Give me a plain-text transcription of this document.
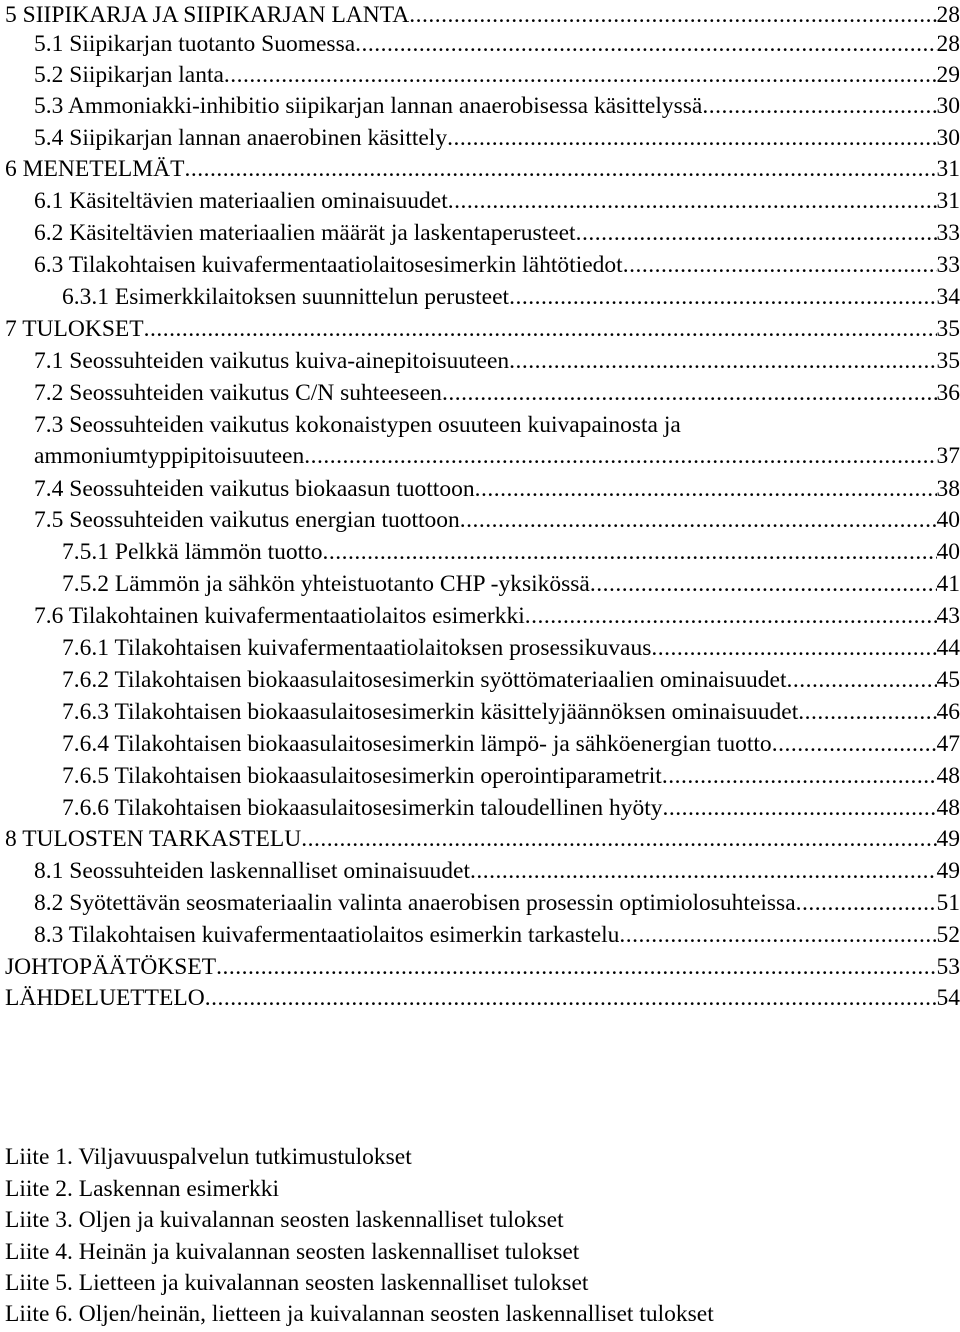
5 SIIPIKARJA JA SIIPIKARJAN LANTA .....	28
5.1 Siipikarjan tuotanto Suomessa .....	28
5.2 Siipikarjan lanta .....	29
5.3 Ammoniakki-inhibitio siipikarjan lannan anaerobisessa käsittelyssä .....	30
5.4 Siipikarjan lannan anaerobinen käsittely .....	30
6 MENETELMÄT .....	31
6.1 Käsiteltävien materiaalien ominaisuudet .....	31
6.2 Käsiteltävien materiaalien määrät ja laskentaperusteet .....	33
6.3 Tilakohtaisen kuivafermentaatiolaitosesimerkin lähtötiedot .....	33
6.3.1 Esimerkkilaitoksen suunnittelun perusteet .....	34
7 TULOKSET .....	35
7.1 Seossuhteiden vaikutus kuiva-ainepitoisuuteen .....	35
7.2 Seossuhteiden vaikutus C/N suhteeseen .....	36
7.3 Seossuhteiden vaikutus kokonaistypen osuuteen kuivapainosta ja
ammoniumtyppipitoisuuteen .....	37
7.4 Seossuhteiden vaikutus biokaasun tuottoon .....	38
7.5 Seossuhteiden vaikutus energian tuottoon .....	40
7.5.1 Pelkkä lämmön tuotto .....	40
7.5.2 Lämmön ja sähkön yhteistuotanto CHP -yksikössä .....	41
7.6 Tilakohtainen kuivafermentaatiolaitos esimerkki .....	43
7.6.1 Tilakohtaisen kuivafermentaatiolaitoksen prosessikuvaus .....	44
7.6.2 Tilakohtaisen biokaasulaitosesimerkin syöttömateriaalien ominaisuudet .....	45
7.6.3 Tilakohtaisen biokaasulaitosesimerkin käsittelyjäännöksen ominaisuudet .....	46
7.6.4 Tilakohtaisen biokaasulaitosesimerkin lämpö- ja sähköenergian tuotto .....	47
7.6.5 Tilakohtaisen biokaasulaitosesimerkin operointiparametrit .....	48
7.6.6 Tilakohtaisen biokaasulaitosesimerkin taloudellinen hyöty .....	48
8 TULOSTEN TARKASTELU .....	49
8.1 Seossuhteiden laskennalliset ominaisuudet .....	49
8.2 Syötettävän seosmateriaalin valinta anaerobisen prosessin optimiolosuhteissa .....	51
8.3 Tilakohtaisen kuivafermentaatiolaitos esimerkin tarkastelu .....	52
JOHTOPÄÄTÖKSET .....	53
LÄHDELUETTELO .....	54
Liite 1. Viljavuuspalvelun tutkimustulokset
Liite 2. Laskennan esimerkki
Liite 3. Oljen ja kuivalannan seosten laskennalliset tulokset
Liite 4. Heinän ja kuivalannan seosten laskennalliset tulokset
Liite 5. Lietteen ja kuivalannan seosten laskennalliset tulokset
Liite 6. Oljen/heinän, lietteen ja kuivalannan seosten laskennalliset tulokset
